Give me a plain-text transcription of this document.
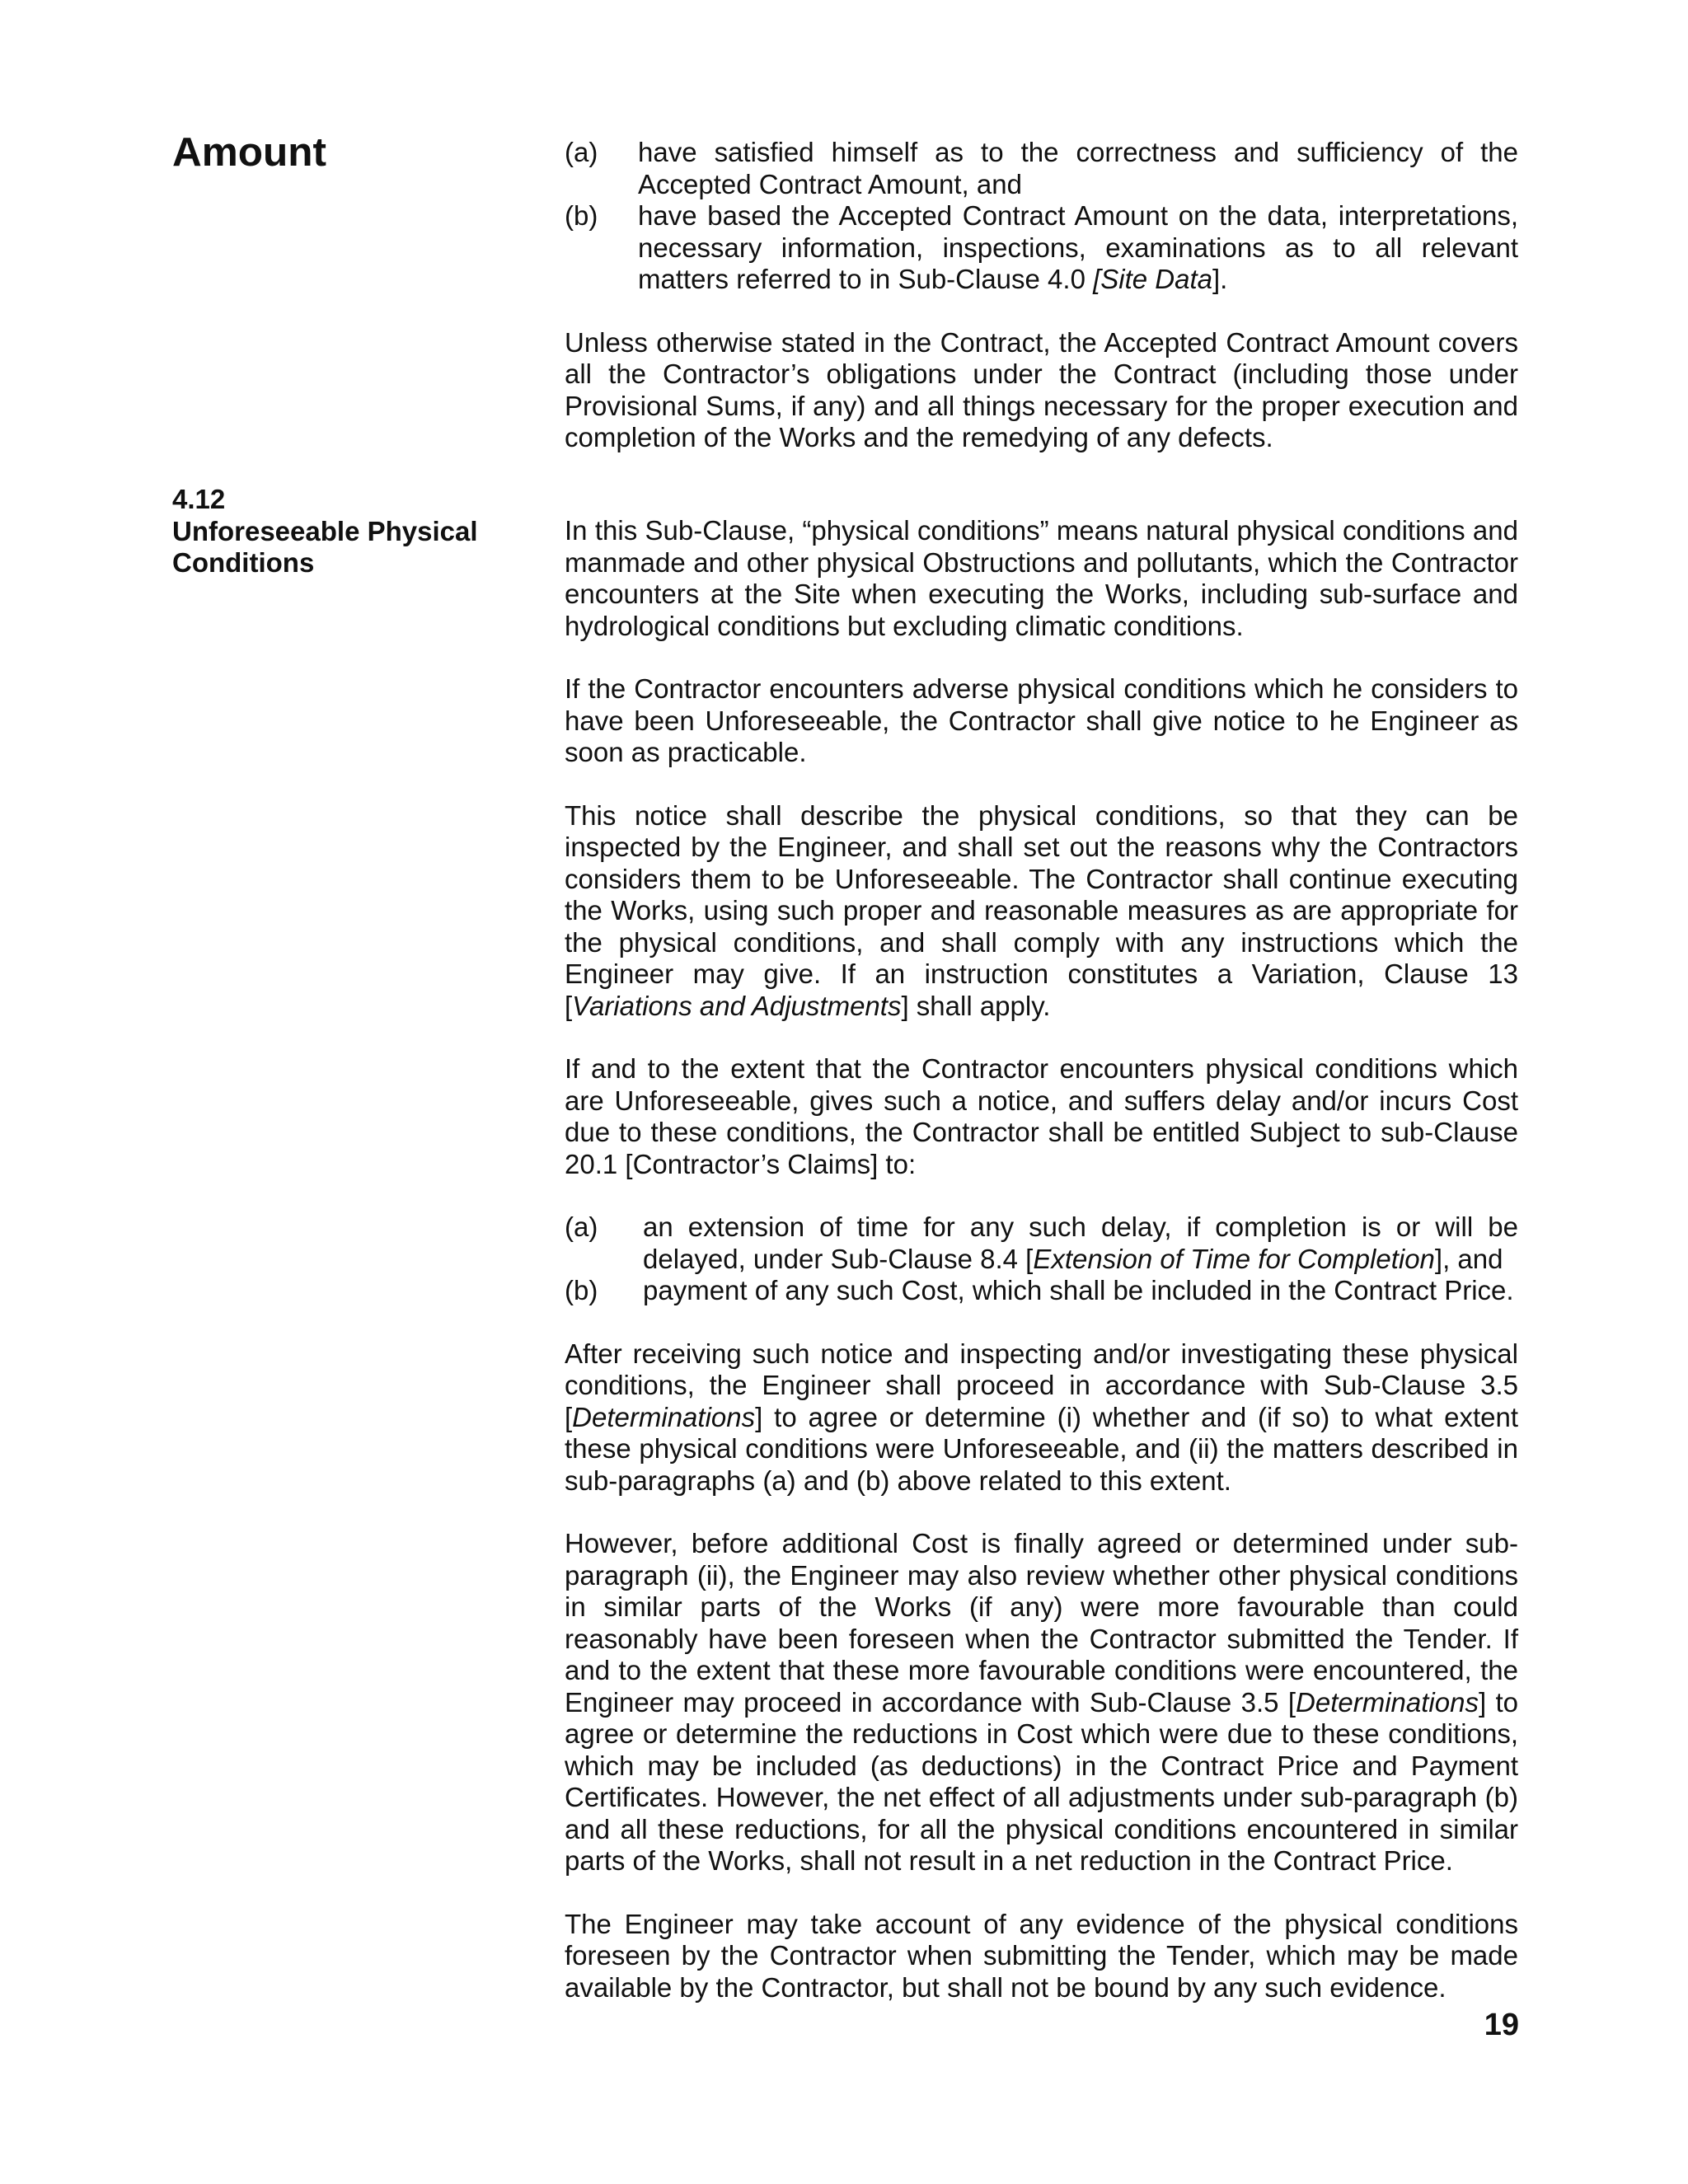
Amount	(a)	have satisfied himself as to the correctness and sufficiency of the Accepted Contract Amount, and
(b)	have based the Accepted Contract Amount on the data, interpretations, necessary information, inspections, examinations as to all relevant matters referred to in Sub-Clause 4.0 [Site Data].

Unless otherwise stated in the Contract, the Accepted Contract Amount covers all the Contractor’s obligations under the Contract (including those under Provisional Sums, if any) and all things necessary for the proper execution and completion of the Works and the remedying of any defects.

4.12
Unforeseeable Physical Conditions

In this Sub-Clause, “physical conditions” means natural physical conditions and manmade and other physical Obstructions and pollutants, which the Contractor encounters at the Site when executing the Works, including sub-surface and hydrological conditions but excluding climatic conditions.

If the Contractor encounters adverse physical conditions which he considers to have been Unforeseeable, the Contractor shall give notice to he Engineer as soon as practicable.

This notice shall describe the physical conditions, so that they can be inspected by the Engineer, and shall set out the reasons why the Contractors considers them to be Unforeseeable. The Contractor shall continue executing the Works, using such proper and reasonable measures as are appropriate for the physical conditions, and shall comply with any instructions which the Engineer may give. If an instruction constitutes a Variation, Clause 13 [Variations and Adjustments] shall apply.

If and to the extent that the Contractor encounters physical conditions which are Unforeseeable, gives such a notice, and suffers delay and/or incurs Cost due to these conditions, the Contractor shall be entitled Subject to sub-Clause 20.1 [Contractor’s Claims] to:

(a)	an extension of time for any such delay, if completion is or will be delayed, under Sub-Clause 8.4 [Extension of Time for Completion], and
(b)	payment of any such Cost, which shall be included in the Contract Price.

After receiving such notice and inspecting and/or investigating these physical conditions, the Engineer shall proceed in accordance with Sub-Clause 3.5 [Determinations] to agree or determine (i) whether and (if so) to what extent these physical conditions were Unforeseeable, and (ii) the matters described in sub-paragraphs (a) and (b) above related to this extent.

However, before additional Cost is finally agreed or determined under sub-paragraph (ii), the Engineer may also review whether other physical conditions in similar parts of the Works (if any) were more favourable than could reasonably have been foreseen when the Contractor submitted the Tender. If and to the extent that these more favourable conditions were encountered, the Engineer may proceed in accordance with Sub-Clause 3.5 [Determinations] to agree or determine the reductions in Cost which were due to these conditions, which may be included (as deductions) in the Contract Price and Payment Certificates. However, the net effect of all adjustments under sub-paragraph (b) and all these reductions, for all the physical conditions encountered in similar parts of the Works, shall not result in a net reduction in the Contract Price.

The Engineer may take account of any evidence of the physical conditions foreseen by the Contractor when submitting the Tender, which may be made available by the Contractor, but shall not be bound by any such evidence.

19
